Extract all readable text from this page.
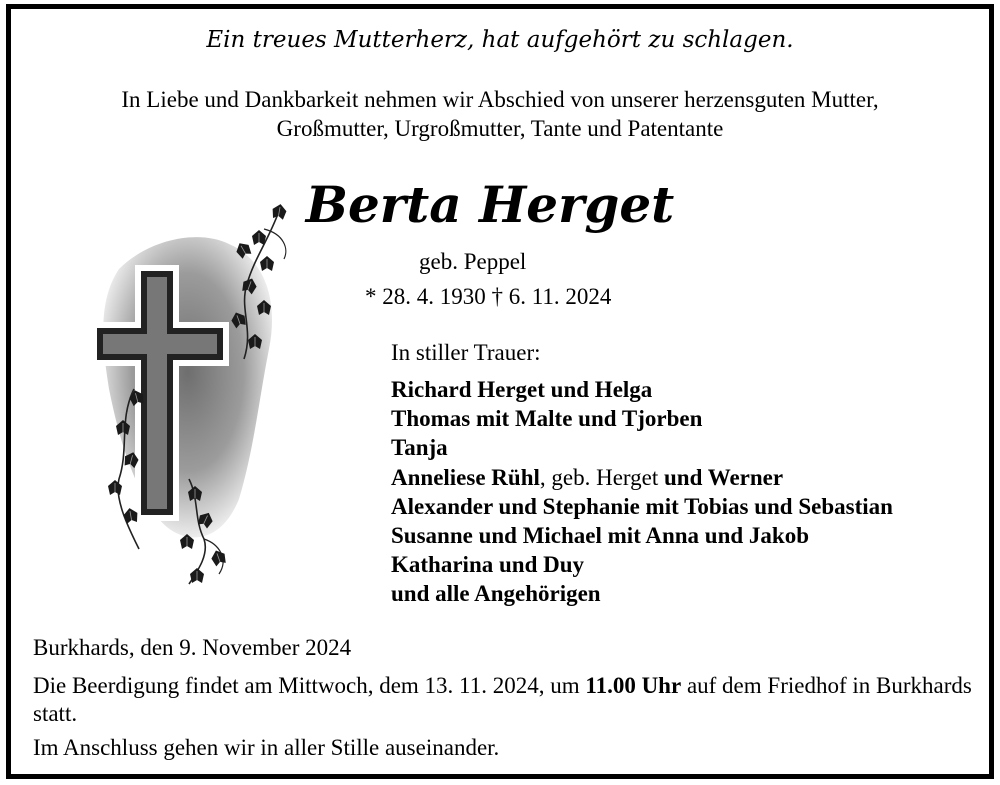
Ein treues Mutterherz, hat aufgehört zu schlagen.
In Liebe und Dankbarkeit nehmen wir Abschied von unserer herzensguten Mutter,
Großmutter, Urgroßmutter, Tante und Patentante
Berta Herget
geb. Peppel
* 28. 4. 1930 † 6. 11. 2024
In stiller Trauer:
Richard Herget und Helga
Thomas mit Malte und Tjorben
Tanja
Anneliese Rühl, geb. Herget und Werner
Alexander und Stephanie mit Tobias und Sebastian
Susanne und Michael mit Anna und Jakob
Katharina und Duy
und alle Angehörigen
Burkhards, den 9. November 2024
Die Beerdigung findet am Mittwoch, dem 13. 11. 2024, um 11.00 Uhr auf dem Friedhof in Burkhards statt.
Im Anschluss gehen wir in aller Stille auseinander.
